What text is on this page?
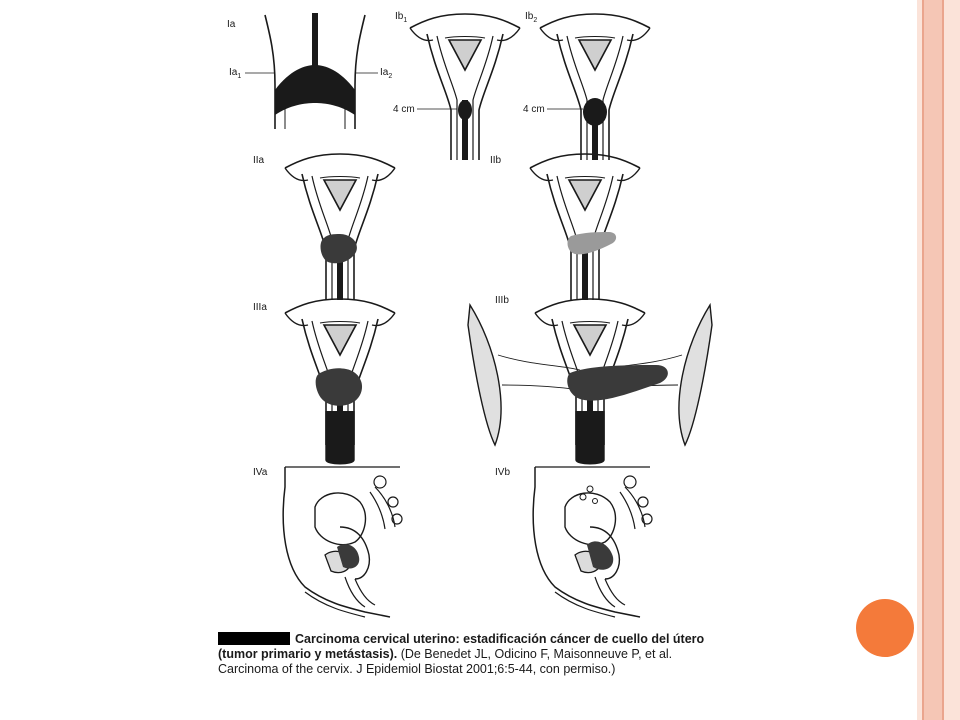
Ia
$Ia_1$	$Ia_2$
$Ib_1$
4 cm
$Ib_2$
4 cm
IIa	IIb
IIIa
IIIb
IVa	IVb

Carcinoma cervical uterino: estadificación cáncer de cuello del útero (tumor primario y metástasis). (De Benedet JL, Odicino F, Maisonneuve P, et al. Carcinoma of the cervix. J Epidemiol Biostat 2001;6:5-44, con permiso.)
